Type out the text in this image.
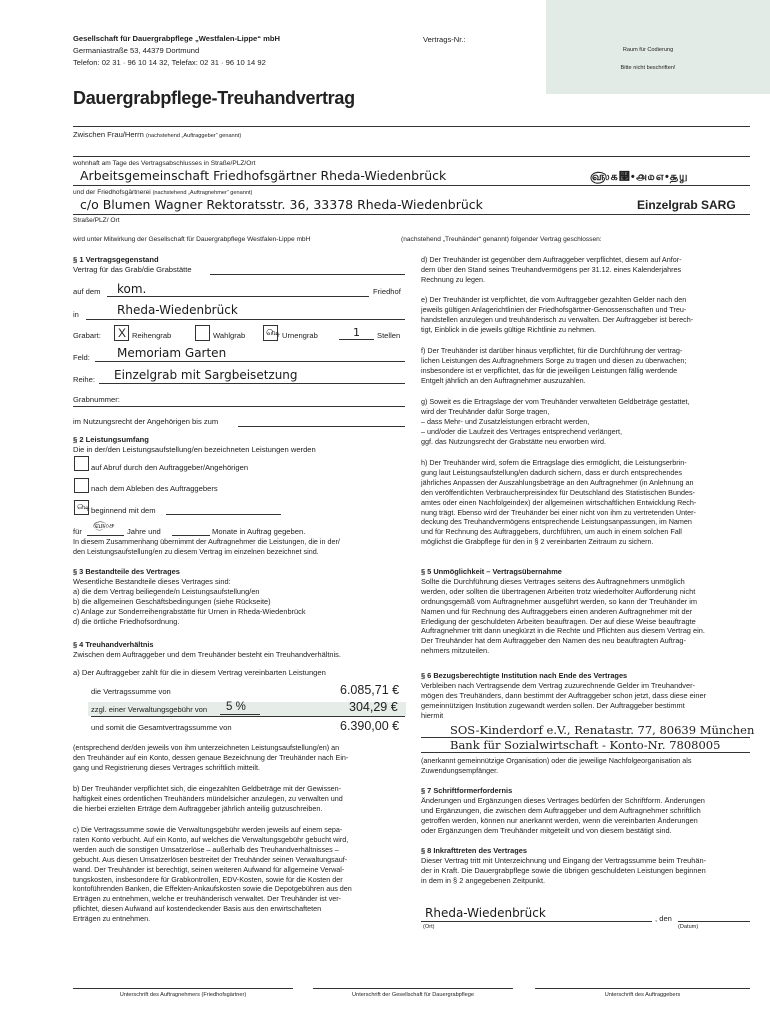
Gesellschaft für Dauergrabpflege „Westfalen-Lippe“ mbH
Germaniastraße 53, 44379 Dortmund
Telefon: 02 31 · 96 10 14 32, Telefax: 02 31 · 96 10 14 92
Vertrags-Nr.:
Raum für Codierung
Bitte nicht beschriften!
Dauergrabpflege-Treuhandvertrag
Zwischen Frau/Herrn (nachstehend „Auftraggeber“ genannt)
wohnhaft am Tage des Vertragsabschlusses in Straße/PLZ/Ort
Arbeitsgemeinschaft Friedhofsgärtner Rheda-Wiedenbrück	௵௧௣•௮௰௭•௲௶
und der Friedhofsgärtnerei (nachstehend „Auftragnehmer“ genannt)
c/o Blumen Wagner Rektoratsstr. 36, 33378 Rheda-Wiedenbrück	Einzelgrab SARG
Straße/PLZ/ Ort
wird unter Mitwirkung der Gesellschaft für Dauergrabpflege Westfalen-Lippe mbH	(nachstehend „Treuhänder“ genannt) folgender Vertrag geschlossen:
§ 1 Vertragsgegenstand
Vertrag für das Grab/die Grabstätte
auf dem kom.	Friedhof
in	Rheda-Wiedenbrück
Grabart: X Reihengrab	Wahlgrab ௸ Urnengrab	1 Stellen
Feld: Memoriam Garten
Reihe: Einzelgrab mit Sargbeisetzung
Grabnummer:
im Nutzungsrecht der Angehörigen bis zum
§ 2 Leistungsumfang
Die in der/den Leistungsaufstellung/en bezeichneten Leistungen werden
auf Abruf durch den Auftraggeber/Angehörigen
nach dem Ableben des Auftraggebers
௸ beginnend mit dem
für
௵௪
Jahre und	Monate in Auftrag gegeben.
In diesem Zusammenhang übernimmt der Auftragnehmer die Leistungen, die in der/
den Leistungsaufstellung/en zu diesem Vertrag im einzelnen bezeichnet sind.
§ 3 Bestandteile des Vertrages
Wesentliche Bestandteile dieses Vertrages sind:
a) die dem Vertrag beiliegende/n Leistungsaufstellung/en
b) die allgemeinen Geschäftsbedingungen (siehe Rückseite)
c) Anlage zur Sonderreihengrabstätte für Urnen in Rheda-Wiedenbrück
d) die örtliche Friedhofsordnung.
§ 4 Treuhandverhältnis
Zwischen dem Auftraggeber und dem Treuhänder besteht ein Treuhandverhältnis.
a) Der Auftraggeber zahlt für die in diesem Vertrag vereinbarten Leistungen
die Vertragssumme von	6.085,71 €
zzgl. einer Verwaltungsgebühr von 5 %	304,29 €
und somit die Gesamtvertragssumme von	6.390,00 €
(entsprechend der/den jeweils von ihm unterzeichneten Leistungsaufstellung/en) an
den Treuhänder auf ein Konto, dessen genaue Bezeichnung der Treuhänder nach Ein-
gang und Registrierung dieses Vertrages schriftlich mitteilt.
b) Der Treuhänder verpflichtet sich, die eingezahlten Geldbeträge mit der Gewissen-
haftigkeit eines ordentlichen Treuhänders mündelsicher anzulegen, zu verwalten und
die hierbei erzielten Erträge dem Auftraggeber jährlich anteilig gutzuschreiben.
c) Die Vertragssumme sowie die Verwaltungsgebühr werden jeweils auf einem sepa-
raten Konto verbucht. Auf ein Konto, auf welches die Verwaltungsgebühr gebucht wird,
werden auch die sonstigen Umsatzerlöse – außerhalb des Treuhandverhältnisses –
gebucht. Aus diesen Umsatzerlösen bestreitet der Treuhänder seinen Verwaltungsauf-
wand. Der Treuhänder ist berechtigt, seinen weiteren Aufwand für allgemeine Verwal-
tungskosten, insbesondere für Grabkontrollen, EDV-Kosten, sowie für die Kosten der
kontoführenden Banken, die Effekten-Ankaufskosten sowie die Depotgebühren aus den
Erträgen zu entnehmen, welche er treuhänderisch verwaltet. Der Treuhänder ist ver-
pflichtet, diesen Aufwand auf kostendeckender Basis aus den erwirtschafteten
Erträgen zu entnehmen.
d) Der Treuhänder ist gegenüber dem Auftraggeber verpflichtet, diesem auf Anfor-
dern über den Stand seines Treuhandvermögens per 31.12. eines Kalenderjahres
Rechnung zu legen.
e) Der Treuhänder ist verpflichtet, die vom Auftraggeber gezahlten Gelder nach den
jeweils gültigen Anlagerichtlinien der Friedhofsgärtner-Genossenschaften und Treu-
handstellen anzulegen und treuhänderisch zu verwalten. Der Auftraggeber ist berech-
tigt, Einblick in die jeweils gültige Richtlinie zu nehmen.
f) Der Treuhänder ist darüber hinaus verpflichtet, für die Durchführung der vertrag-
lichen Leistungen des Auftragnehmers Sorge zu tragen und diesen zu überwachen;
insbesondere ist er verpflichtet, das für die jeweiligen Leistungen fällig werdende
Entgelt jährlich an den Auftragnehmer auszuzahlen.
g) Soweit es die Ertragslage der vom Treuhänder verwalteten Geldbeträge gestattet,
wird der Treuhänder dafür Sorge tragen,
– dass Mehr- und Zusatzleistungen erbracht werden,
– und/oder die Laufzeit des Vertrages entsprechend verlängert,
ggf. das Nutzungsrecht der Grabstätte neu erworben wird.
h) Der Treuhänder wird, sofern die Ertragslage dies ermöglicht, die Leistungserbrin-
gung laut Leistungsaufstellung/en dadurch sichern, dass er durch entsprechendes
jährliches Anpassen der Auszahlungsbeträge an den Auftragnehmer (in Anlehnung an
den veröffentlichten Verbraucherpreisindex für Deutschland des Statistischen Bundes-
amtes oder einen Nachfolgeindex) der allgemeinen wirtschaftlichen Entwicklung Rech-
nung trägt. Ebenso wird der Treuhänder bei einer nicht von ihm zu vertretenden Unter-
deckung des Treuhandvermögens entsprechende Leistungsanpassungen, im Namen
und für Rechnung des Auftraggebers, durchführen, um auch in einem solchen Fall
möglichst die Grabpflege für den in § 2 vereinbarten Zeitraum zu sichern.
§ 5 Unmöglichkeit – Vertragsübernahme
Sollte die Durchführung dieses Vertrages seitens des Auftragnehmers unmöglich
werden, oder sollten die übertragenen Arbeiten trotz wiederholter Aufforderung nicht
ordnungsgemäß vom Auftragnehmer ausgeführt werden, so kann der Treuhänder im
Namen und für Rechnung des Auftraggebers einen anderen Auftragnehmer mit der
Erledigung der geschuldeten Arbeiten beauftragen. Der auf diese Weise beauftragte
Auftragnehmer tritt dann unegkürzt in die Rechte und Pflichten aus diesem Vertrag ein.
Der Treuhänder hat dem Auftraggeber den Namen des neu beauftragten Auftrag-
nehmers mitzuteilen.
§ 6 Bezugsberechtigte Institution nach Ende des Vertrages
Verbleiben nach Vertragsende dem Vertrag zuzurechnende Gelder im Treuhandver-
mögen des Treuhänders, dann bestimmt der Auftraggeber schon jetzt, dass diese einer
gemeinnützigen Institution zugewandt werden sollen. Der Auftraggeber bestimmt
hiermit
SOS-Kinderdorf e.V., Renatastr. 77, 80639 München
Bank für Sozialwirtschaft - Konto-Nr. 7808005
(anerkannt gemeinnützige Organisation) oder die jeweilige Nachfolgeorganisation als
Zuwendungsempfänger.
§ 7 Schriftformerfordernis
Änderungen und Ergänzungen dieses Vertrages bedürfen der Schriftform. Änderungen
und Ergänzungen, die zwischen dem Auftraggeber und dem Auftragnehmer schriftlich
getroffen werden, können nur anerkannt werden, wenn die vereinbarten Änderungen
oder Ergänzungen dem Treuhänder mitgeteilt und von diesem bestätigt sind.
§ 8 Inkrafttreten des Vertrages
Dieser Vertrag tritt mit Unterzeichnung und Eingang der Vertragssumme beim Treuhän-
der in Kraft. Die Dauergrabpflege sowie die übrigen geschuldeten Leistungen beginnen
in dem in § 2 angegebenen Zeitpunkt.
Rheda-Wiedenbrück	, den
(Ort)	(Datum)
Unterschrift des Auftragnehmers (Friedhofsgärtner)	Unterschrift der Gesellschaft für Dauergrabpflege	Unterschrift des Auftraggebers
